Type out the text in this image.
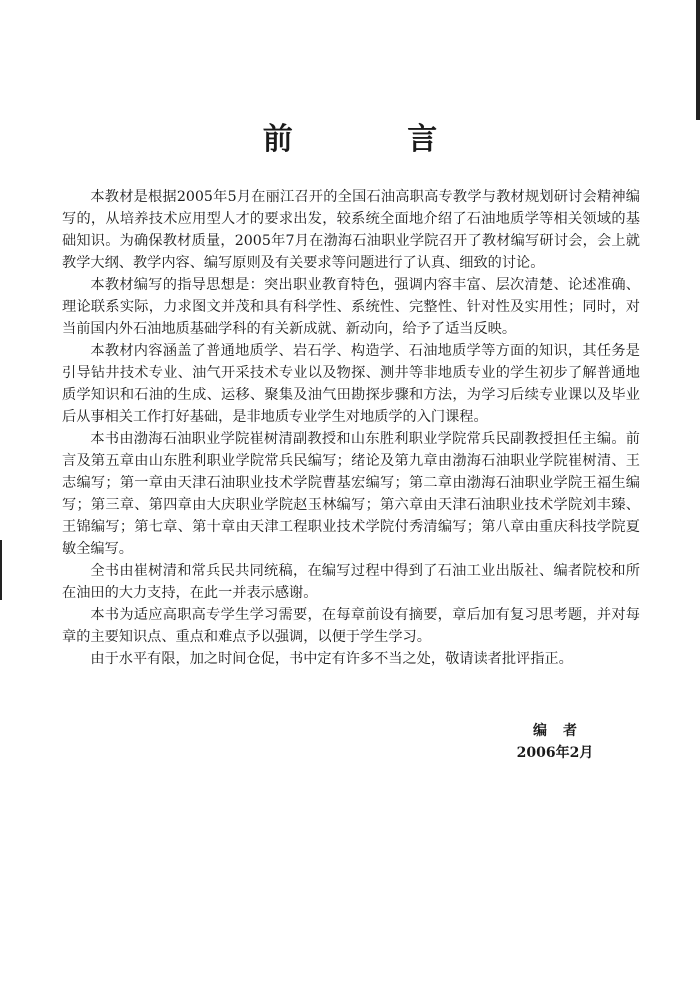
前 言

本教材是根据2005年5月在丽江召开的全国石油高职高专教学与教材规划研讨会精神编写的，从培养技术应用型人才的要求出发，较系统全面地介绍了石油地质学等相关领域的基础知识。为确保教材质量，2005年7月在渤海石油职业学院召开了教材编写研讨会，会上就教学大纲、教学内容、编写原则及有关要求等问题进行了认真、细致的讨论。

本教材编写的指导思想是：突出职业教育特色，强调内容丰富、层次清楚、论述准确、理论联系实际，力求图文并茂和具有科学性、系统性、完整性、针对性及实用性；同时，对当前国内外石油地质基础学科的有关新成就、新动向，给予了适当反映。

本教材内容涵盖了普通地质学、岩石学、构造学、石油地质学等方面的知识，其任务是引导钻井技术专业、油气开采技术专业以及物探、测井等非地质专业的学生初步了解普通地质学知识和石油的生成、运移、聚集及油气田勘探步骤和方法，为学习后续专业课以及毕业后从事相关工作打好基础，是非地质专业学生对地质学的入门课程。

本书由渤海石油职业学院崔树清副教授和山东胜利职业学院常兵民副教授担任主编。前言及第五章由山东胜利职业学院常兵民编写；绪论及第九章由渤海石油职业学院崔树清、王志编写；第一章由天津石油职业技术学院曹基宏编写；第二章由渤海石油职业学院王福生编写；第三章、第四章由大庆职业学院赵玉林编写；第六章由天津石油职业技术学院刘丰臻、王锦编写；第七章、第十章由天津工程职业技术学院付秀清编写；第八章由重庆科技学院夏敏全编写。

全书由崔树清和常兵民共同统稿，在编写过程中得到了石油工业出版社、编者院校和所在油田的大力支持，在此一并表示感谢。

本书为适应高职高专学生学习需要，在每章前设有摘要，章后加有复习思考题，并对每章的主要知识点、重点和难点予以强调，以便于学生学习。

由于水平有限，加之时间仓促，书中定有许多不当之处，敬请读者批评指正。

编者
2006年2月
